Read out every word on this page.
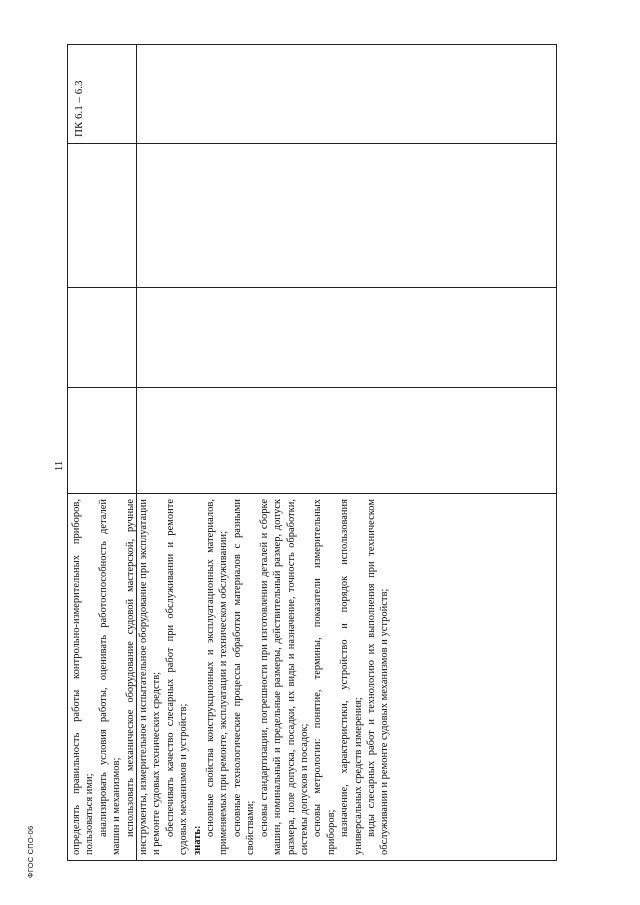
11
ФГОС СПО-06
ПК 6.1 – 6.3

определять правильность работы контрольно-измерительных приборов, пользоваться ими; анализировать условия работы, оценивать работоспособность деталей машин и механизмов; использовать механическое оборудование судовой мастерской, ручные инструменты, измерительное и испытательное оборудование при эксплуатации и ремонте судовых технических средств; обеспечивать качество слесарных работ при обслуживании и ремонте судовых механизмов и устройств; знать:

основные свойства конструкционных и эксплуатационных материалов, применяемых при ремонте, эксплуатации и техническом обслуживании; основные технологические процессы обработки материалов с разными свойствами; основы стандартизации, погрешности при изготовлении деталей и сборке машин, номинальный и предельные размеры, действительный размер, допуск размера, поле допуска, посадки, их виды и назначение, точность обработки, системы допусков и посадок; основы метрологии: понятие, термины, показатели измерительных приборов; назначение, характеристики, устройство и порядок использования универсальных средств измерения; виды слесарных работ и технологию их выполнения при техническом обслуживании и ремонте судовых механизмов и устройств;
